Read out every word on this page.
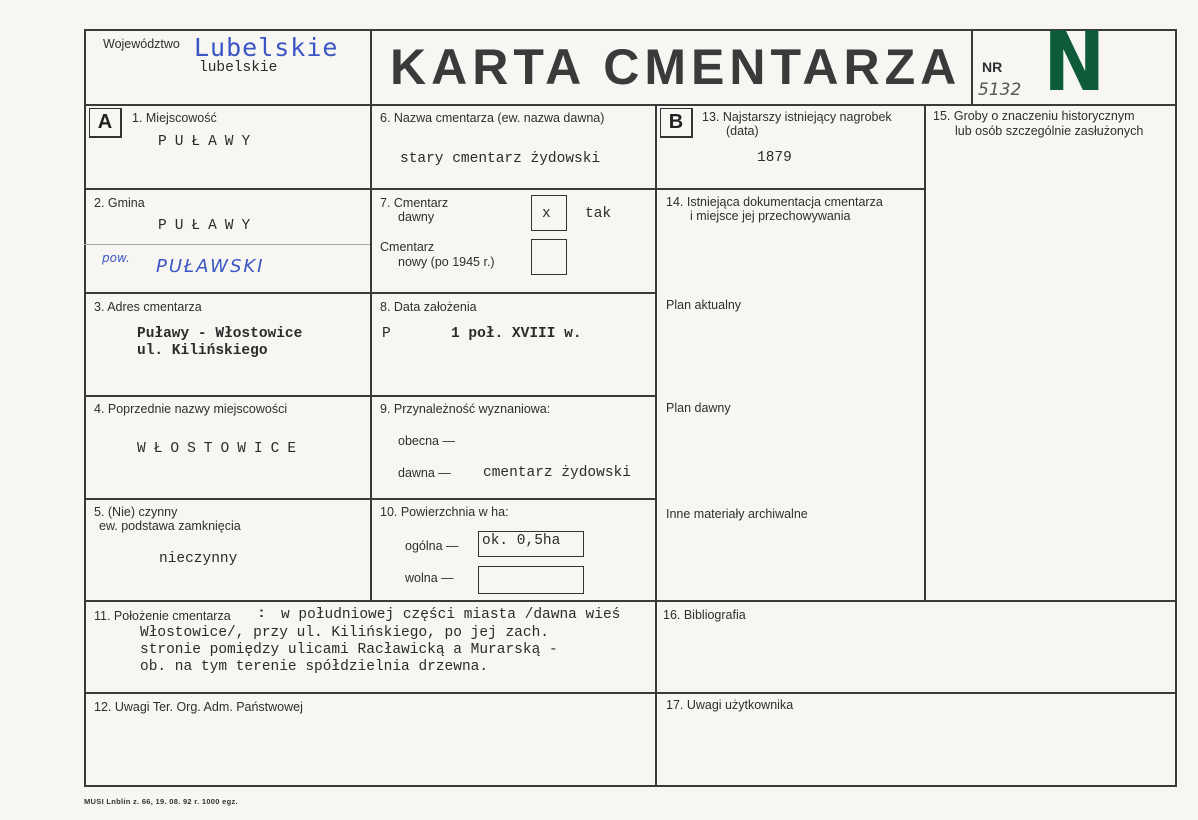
Województwo Lubelskie
lubelskie KARTA CMENTARZA NR
5132 N
A	1. Miejscowość
PUŁAWY
2. Gmina
PUŁAWY
pow. PUŁAWSKI
3. Adres cmentarza
Puławy - Włostowice
ul. Kilińskiego
4. Poprzednie nazwy miejscowości
WŁOSTOWICE
5. (Nie) czynny
ew. podstawa zamknięcia
nieczynny
6. Nazwa cmentarza (ew. nazwa dawna)
stary cmentarz żydowski
7. Cmentarz
dawny	x tak
Cmentarz
nowy (po 1945 r.)
8. Data założenia
P	1 poł. XVIII w.
9. Przynależność wyznaniowa:
obecna —
dawna — cmentarz żydowski
10. Powierzchnia w ha:
ogólna — ok. 0,5ha
wolna —
11. Położenie cmentarza : w południowej części miasta /dawna wieś
Włostowice/, przy ul. Kilińskiego, po jej zach.
stronie pomiędzy ulicami Racławicką a Murarską -
ob. na tym terenie spółdzielnia drzewna.
12. Uwagi Ter. Org. Adm. Państwowej
B	13. Najstarszy istniejący nagrobek
(data)
1879
14. Istniejąca dokumentacja cmentarza
i miejsce jej przechowywania
Plan aktualny
Plan dawny
Inne materiały archiwalne
15. Groby o znaczeniu historycznym
lub osób szczególnie zasłużonych
16. Bibliografia
17. Uwagi użytkownika
MUSI Lnblin z. 66, 19. 08. 92 r. 1000 egz.
